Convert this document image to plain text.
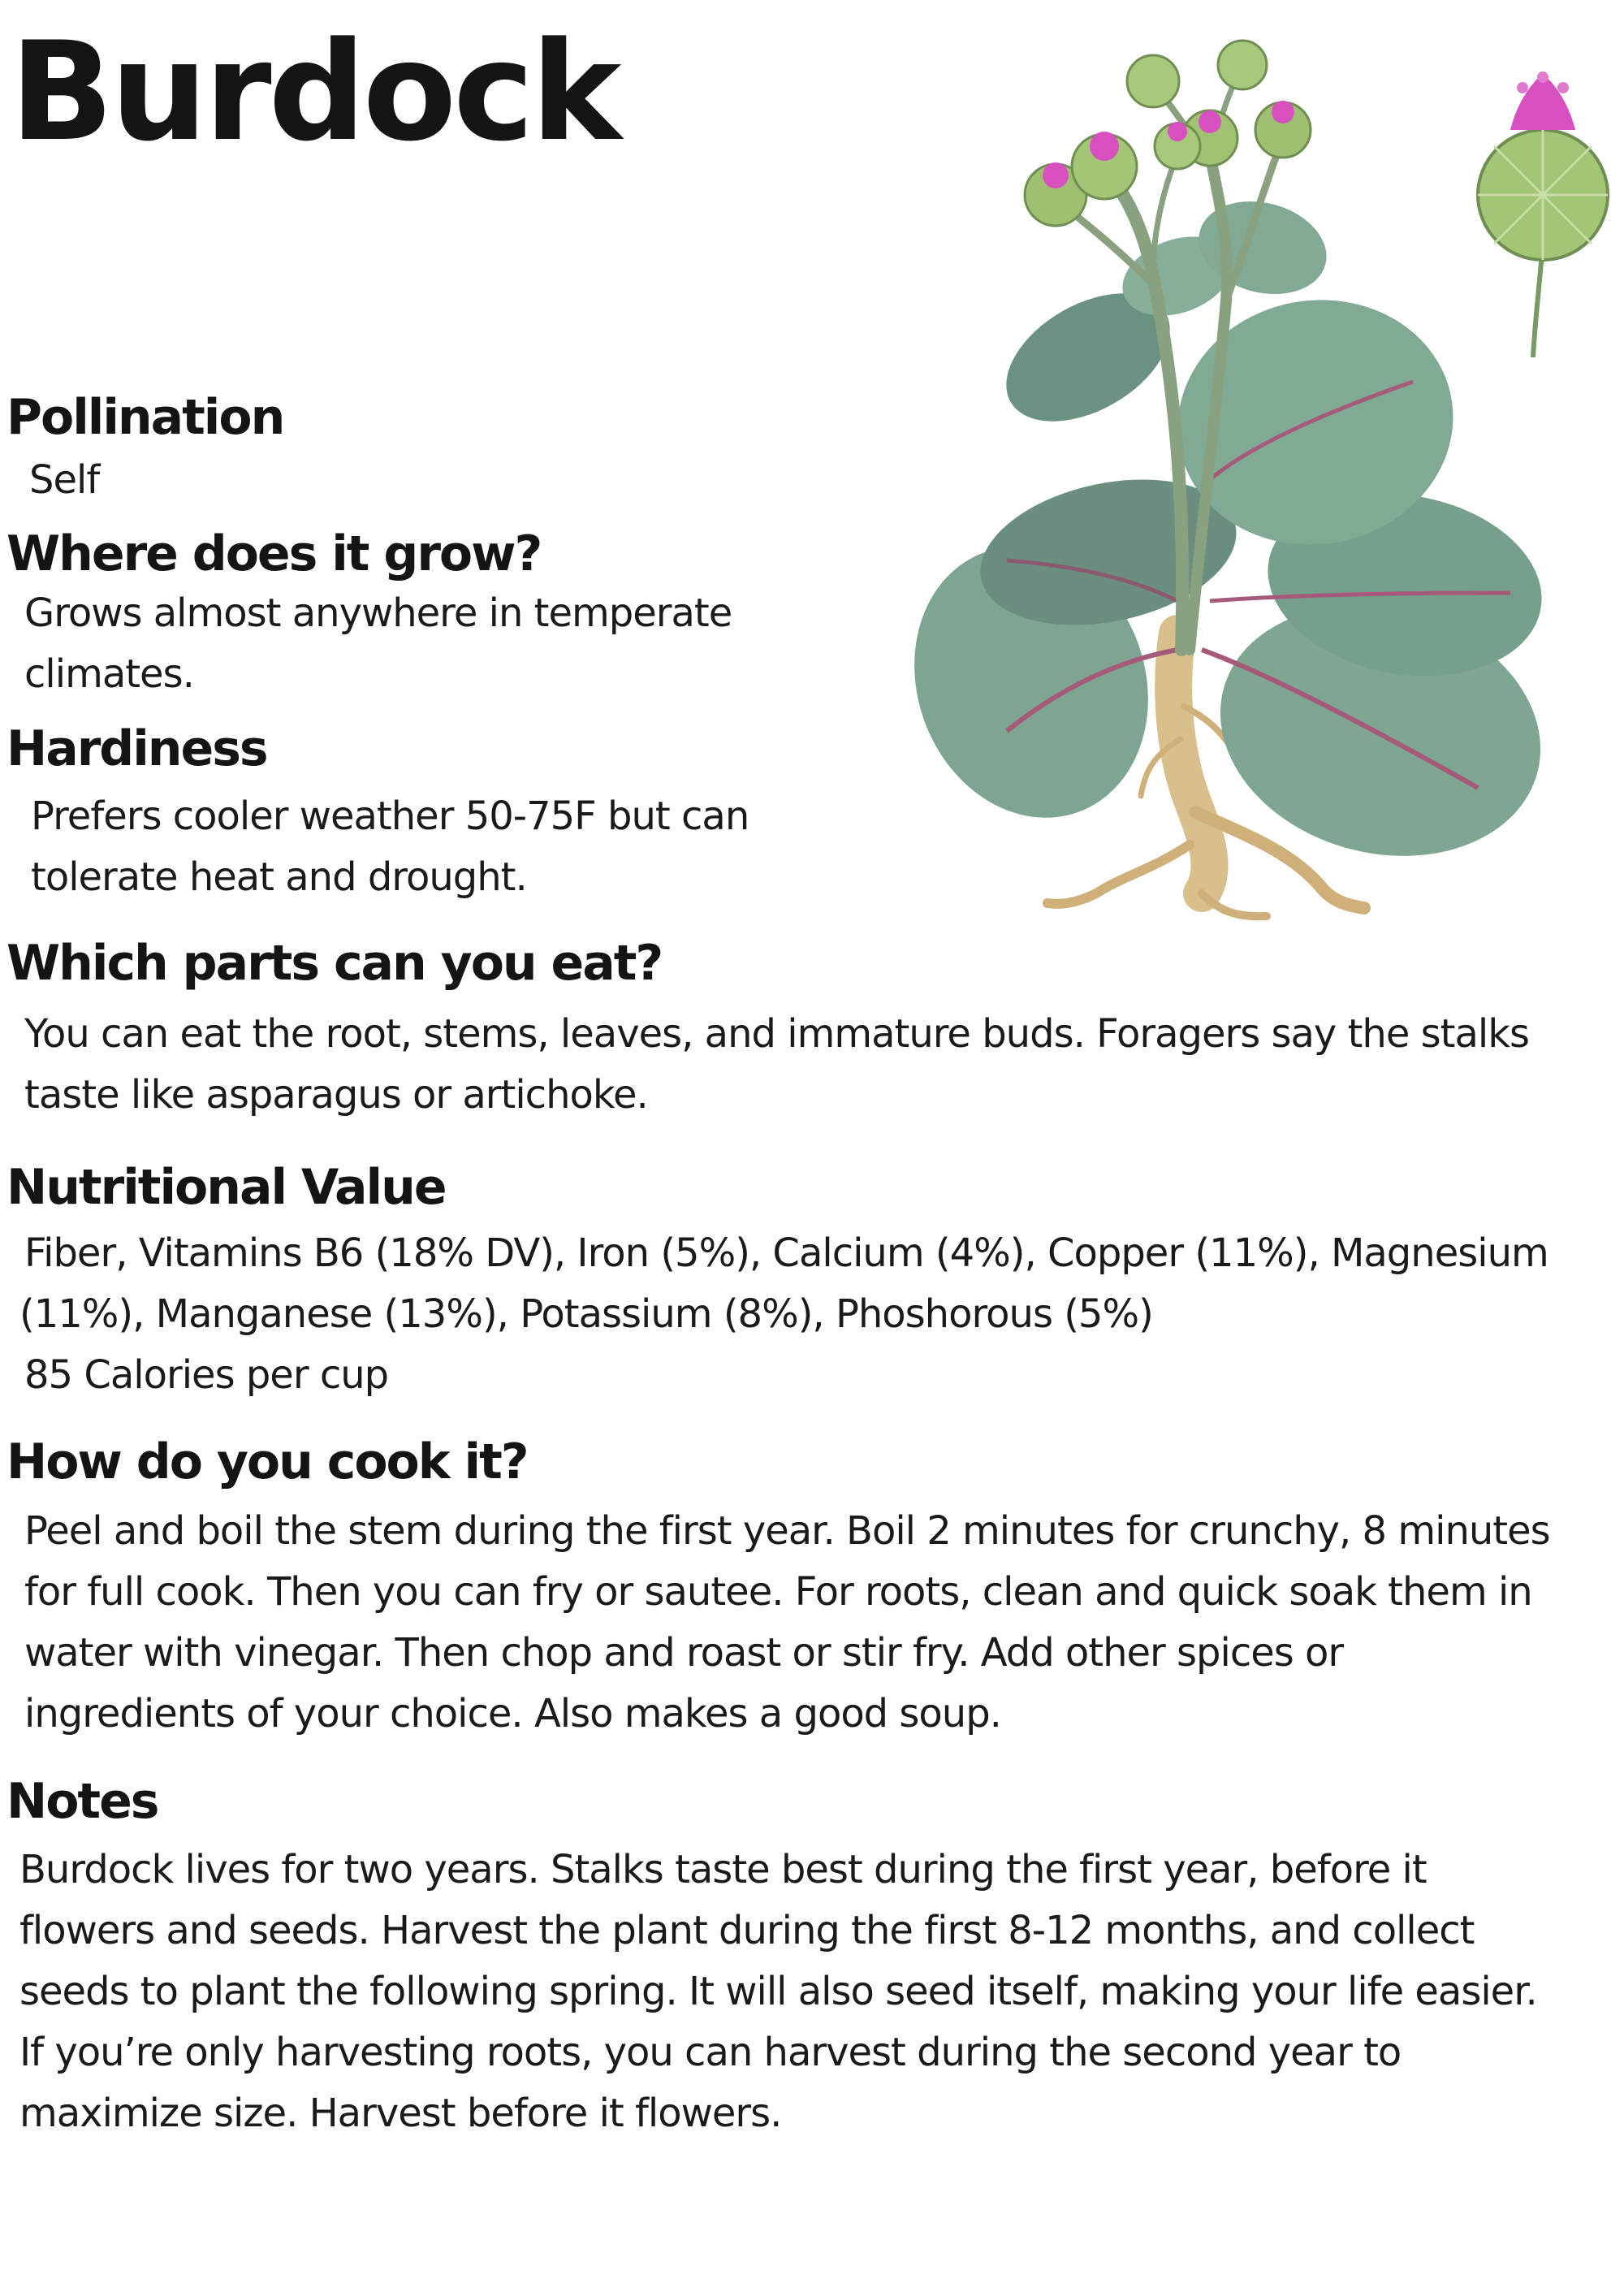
Burdock
Pollination

Self

Where does it grow?

Grows almost anywhere in temperate

climates.

Hardiness

Prefers cooler weather 50-75F but can

tolerate heat and drought.

Which parts can you eat?

You can eat the root, stems, leaves, and immature buds. Foragers say the stalks

taste like asparagus or artichoke.

Nutritional Value

Fiber, Vitamins B6 (18% DV), Iron (5%), Calcium (4%), Copper (11%), Magnesium

(11%), Manganese (13%), Potassium (8%), Phoshorous (5%)

85 Calories per cup

How do you cook it?

Peel and boil the stem during the first year. Boil 2 minutes for crunchy, 8 minutes

for full cook. Then you can fry or sautee. For roots, clean and quick soak them in

water with vinegar. Then chop and roast or stir fry. Add other spices or

ingredients of your choice. Also makes a good soup.

Notes

Burdock lives for two years. Stalks taste best during the first year, before it

flowers and seeds. Harvest the plant during the first 8-12 months, and collect

seeds to plant the following spring. It will also seed itself, making your life easier.

If you’re only harvesting roots, you can harvest during the second year to

maximize size. Harvest before it flowers.
